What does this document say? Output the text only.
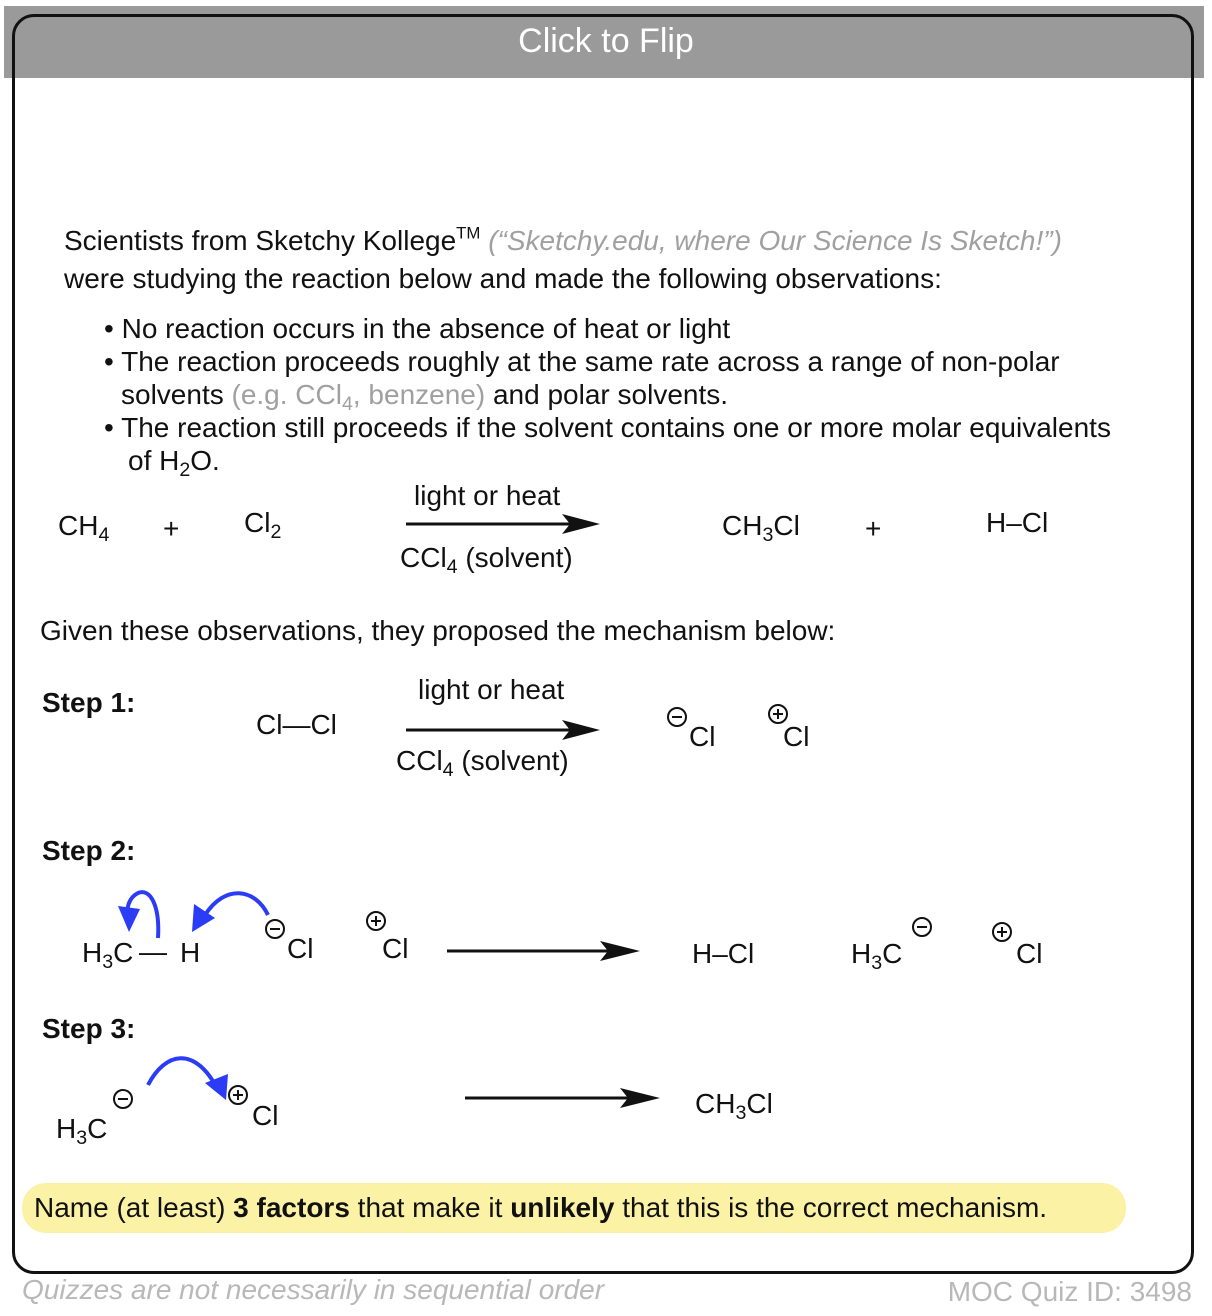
Click to Flip
Scientists from Sketchy Kollege™ (“Sketchy.edu, where Our Science Is Sketch!”)
were studying the reaction below and made the following observations:
• No reaction occurs in the absence of heat or light
• The reaction proceeds roughly at the same rate across a range of non-polar
solvents (e.g. CCl$_4$, benzene) and polar solvents.
• The reaction still proceeds if the solvent contains one or more molar equivalents
of $H_2O$.
$CH_4 + Cl_2$
light or heat
CCl$_4$ (solvent)
$CH_3Cl$ +	H–Cl
Given these observations, they proposed the mechanism below:
Step 1:
Cl—Cl
light or heat
CCl$_4$ (solvent)
Cl Cl
Step 2:
$H_3C$ — H	Cl Cl	H–Cl	$H_3C$	Cl
Step 3:
$H_3C$	Cl	$CH_3Cl$
Name (at least) 3 factors that make it unlikely that this is the correct mechanism.
Quizzes are not necessarily in sequential order	MOC Quiz ID: 3498
